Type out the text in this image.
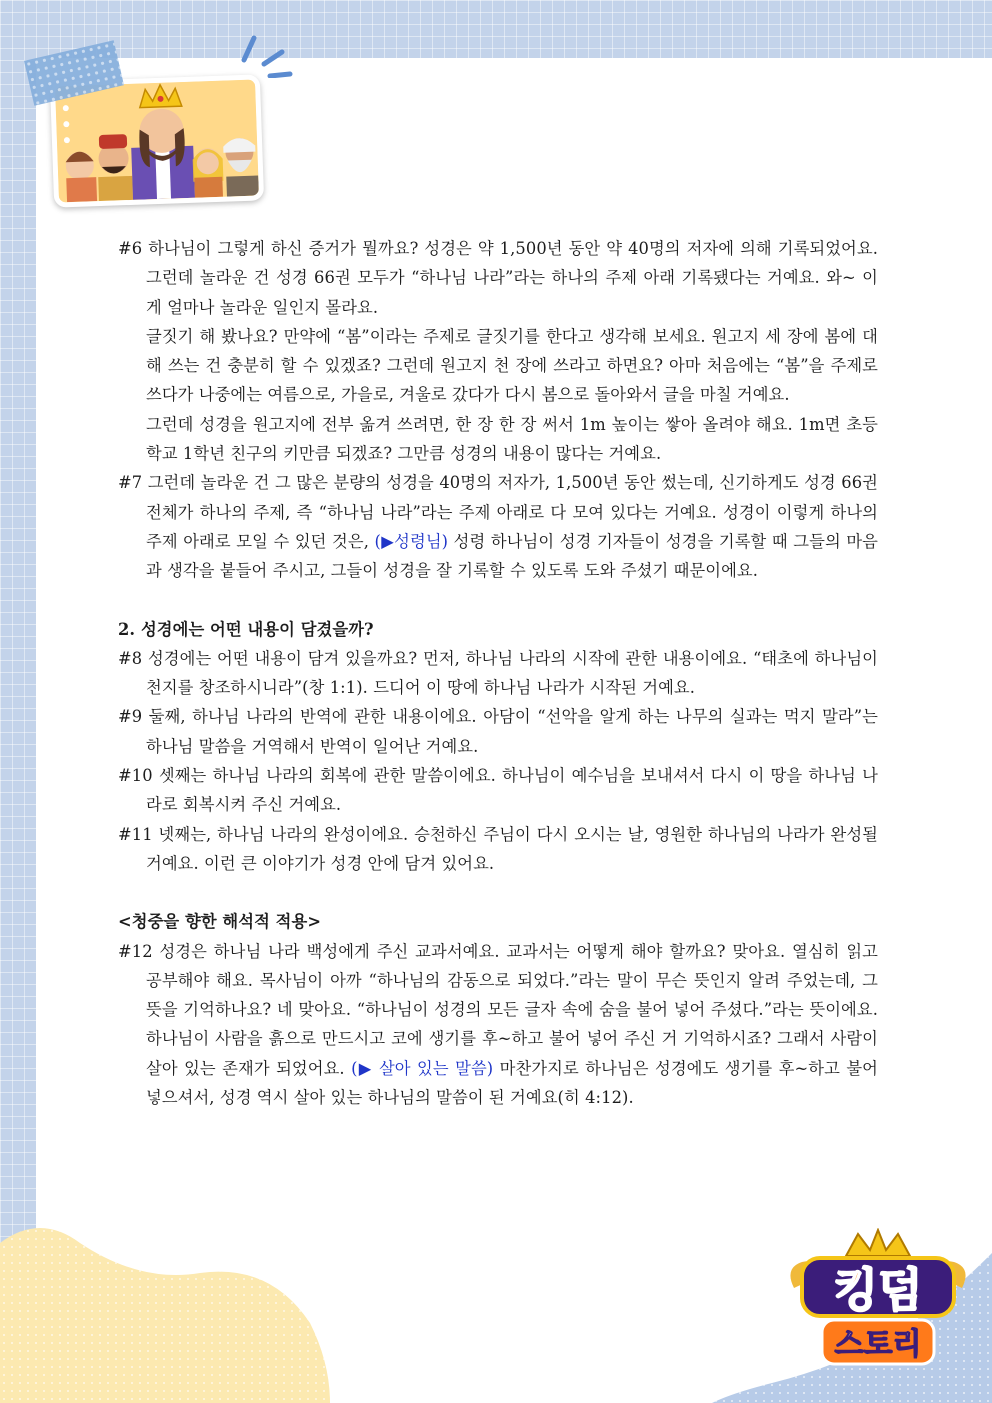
#6 하나님이 그렇게 하신 증거가 뭘까요? 성경은 약 1,500년 동안 약 40명의 저자에 의해 기록되었어요. 그런데 놀라운 건 성경 66권 모두가 “하나님 나라”라는 하나의 주제 아래 기록됐다는 거예요. 와~ 이게 얼마나 놀라운 일인지 몰라요.

글짓기 해 봤나요? 만약에 “봄”이라는 주제로 글짓기를 한다고 생각해 보세요. 원고지 세 장에 봄에 대해 쓰는 건 충분히 할 수 있겠죠? 그런데 원고지 천 장에 쓰라고 하면요? 아마 처음에는 “봄”을 주제로 쓰다가 나중에는 여름으로, 가을로, 겨울로 갔다가 다시 봄으로 돌아와서 글을 마칠 거예요.

그런데 성경을 원고지에 전부 옮겨 쓰려면, 한 장 한 장 써서 1m 높이는 쌓아 올려야 해요. 1m면 초등학교 1학년 친구의 키만큼 되겠죠? 그만큼 성경의 내용이 많다는 거예요.

#7 그런데 놀라운 건 그 많은 분량의 성경을 40명의 저자가, 1,500년 동안 썼는데, 신기하게도 성경 66권 전체가 하나의 주제, 즉 “하나님 나라”라는 주제 아래로 다 모여 있다는 거예요. 성경이 이렇게 하나의 주제 아래로 모일 수 있던 것은, (▶성령님) 성령 하나님이 성경 기자들이 성경을 기록할 때 그들의 마음과 생각을 붙들어 주시고, 그들이 성경을 잘 기록할 수 있도록 도와 주셨기 때문이에요.

2. 성경에는 어떤 내용이 담겼을까?

#8 성경에는 어떤 내용이 담겨 있을까요? 먼저, 하나님 나라의 시작에 관한 내용이에요. “태초에 하나님이 천지를 창조하시니라”(창 1:1). 드디어 이 땅에 하나님 나라가 시작된 거예요.

#9 둘째, 하나님 나라의 반역에 관한 내용이에요. 아담이 “선악을 알게 하는 나무의 실과는 먹지 말라”는 하나님 말씀을 거역해서 반역이 일어난 거예요.

#10 셋째는 하나님 나라의 회복에 관한 말씀이에요. 하나님이 예수님을 보내셔서 다시 이 땅을 하나님 나라로 회복시켜 주신 거예요.

#11 넷째는, 하나님 나라의 완성이에요. 승천하신 주님이 다시 오시는 날, 영원한 하나님의 나라가 완성될 거예요. 이런 큰 이야기가 성경 안에 담겨 있어요.

<청중을 향한 해석적 적용>

#12 성경은 하나님 나라 백성에게 주신 교과서예요. 교과서는 어떻게 해야 할까요? 맞아요. 열심히 읽고 공부해야 해요. 목사님이 아까 “하나님의 감동으로 되었다.”라는 말이 무슨 뜻인지 알려 주었는데, 그 뜻을 기억하나요? 네 맞아요. “하나님이 성경의 모든 글자 속에 숨을 불어 넣어 주셨다.”라는 뜻이에요. 하나님이 사람을 흙으로 만드시고 코에 생기를 후~하고 불어 넣어 주신 거 기억하시죠? 그래서 사람이 살아 있는 존재가 되었어요. (▶ 살아 있는 말씀) 마찬가지로 하나님은 성경에도 생기를 후~하고 불어 넣으셔서, 성경 역시 살아 있는 하나님의 말씀이 된 거예요(히 4:12).

킹덤
스토리
